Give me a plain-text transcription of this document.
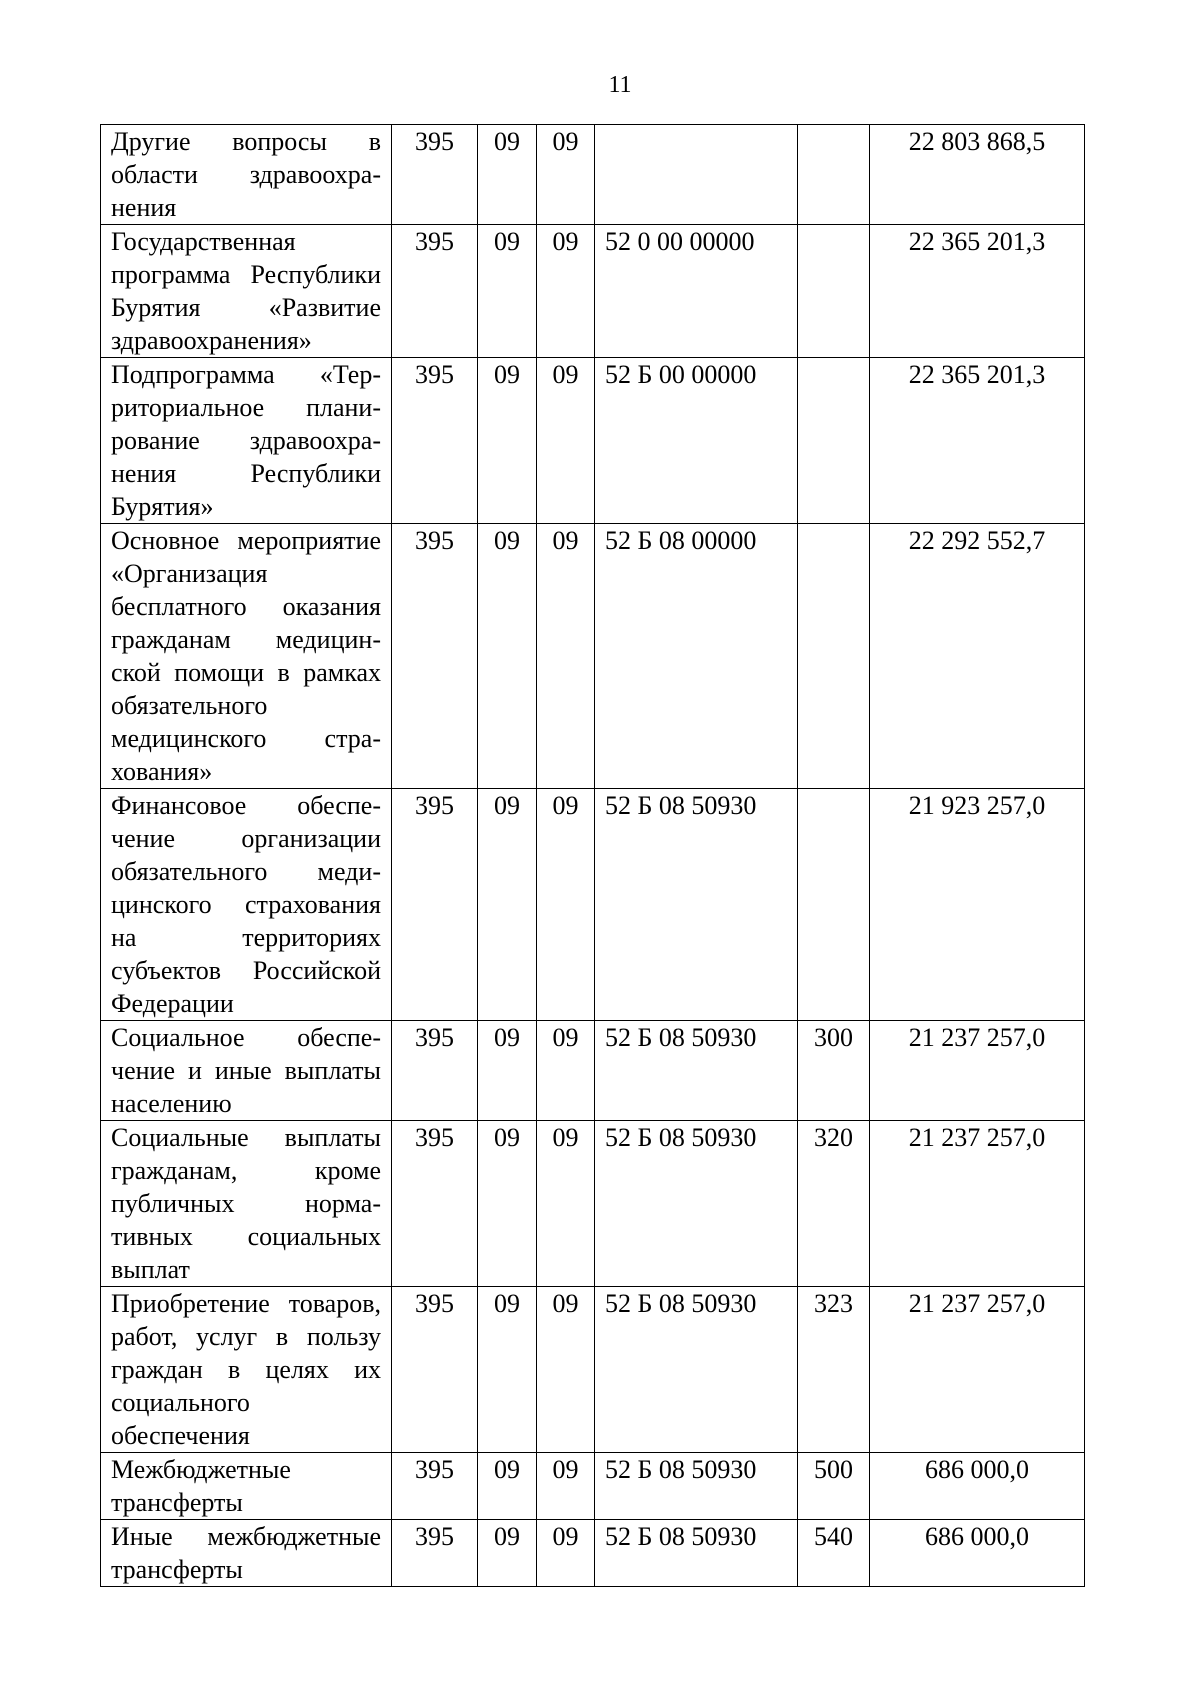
11
Другие вопросы в области здравоохранения	395	09	09			22 803 868,5
Государственная программа Республики Бурятия «Развитие здравоохранения»	395	09	09	52 0 00 00000		22 365 201,3
Подпрограмма «Территориальное планирование здравоохранения Республики Бурятия»	395	09	09	52 Б 00 00000		22 365 201,3
Основное мероприятие «Организация бесплатного оказания гражданам медицинской помощи в рамках обязательного медицинского страхования»	395	09	09	52 Б 08 00000		22 292 552,7
Финансовое обеспечение организации обязательного медицинского страхования на территориях субъектов Российской Федерации	395	09	09	52 Б 08 50930		21 923 257,0
Социальное обеспечение и иные выплаты населению	395	09	09	52 Б 08 50930	300	21 237 257,0
Социальные выплаты гражданам, кроме публичных нормативных социальных выплат	395	09	09	52 Б 08 50930	320	21 237 257,0
Приобретение товаров, работ, услуг в пользу граждан в целях их социального обеспечения	395	09	09	52 Б 08 50930	323	21 237 257,0
Межбюджетные трансферты	395	09	09	52 Б 08 50930	500	686 000,0
Иные межбюджетные трансферты	395	09	09	52 Б 08 50930	540	686 000,0
